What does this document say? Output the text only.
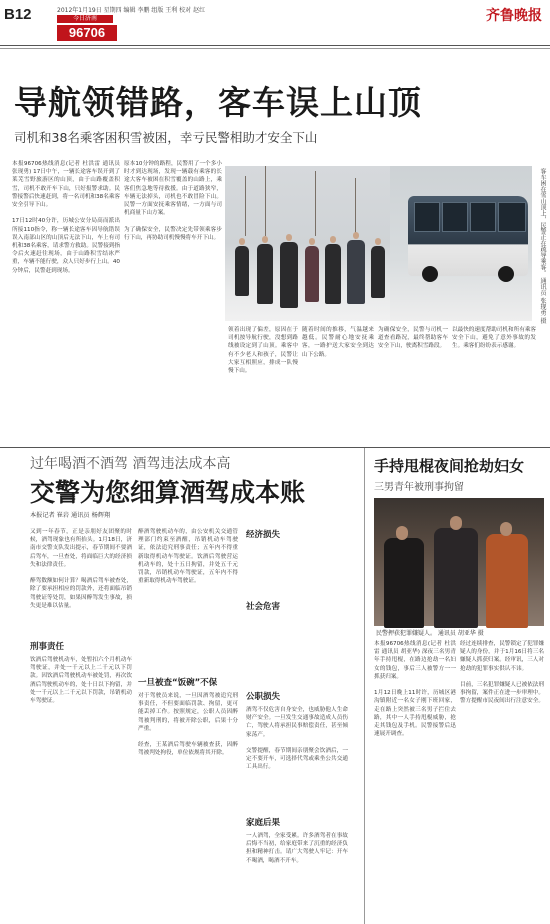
B12	2012年1月19日 星期四 编辑 李鹏 组版 王利 校对 赵红
今日济南
96706
齐鲁晚报
导航领错路，客车误上山顶
司机和38名乘客困积雪被困，幸亏民警相助才安全下山
本报96706热线消息(记者 杜洪雷 通讯员 张现勇) 17日中午，一辆长途客车误开到了莱芜雪野旅游区的山顶，由于山路覆盖积雪，司机不敢开车下山，只好报警求助。民警接警后快速赶到，将一名司机和38名乘客安全引导下山。

17日12时40分许，历城公安分局高而派出所接110指令，称一辆长途客车因导航错误误入南部山区的山顶后无法下山，车上有司机和38名乘客，请求警方救助。民警接到指令后火速赶往现场，由于山路积雪结冰严重，车辆不能行驶，众人只好步行上山。40分钟后，民警赶到现场。
原本10分钟的路程，民警用了一个多小时才到达现场，发现一辆载有乘客的长途大客车被困在积雪覆盖的山路上，乘客们焦急地等待救援。由于道路狭窄，车辆无法掉头，司机也不敢冒险下山。民警一方面安抚乘客情绪，一方面与司机商量下山方案。

为了确保安全，民警决定先带领乘客步行下山，再协助司机慢慢将车开下山。	客车困在雪山顶上，民警正在疏导乘客。 通讯员 张现勇 摄
领着出现了偏差，原因在于司机按导航行驶，没想到路线被设定到了山顶。乘客中有不少老人和孩子，民警让大家互相照应，排成一队慢慢下山。
随着时间的推移，气温越来越低。民警耐心地安抚乘客，一路护送大家安全到达山下公路。
为确保安全，民警与司机一道查看路况，最终帮助客车安全下山，驶离积雪路段。
以最快的速度帮助司机和所有乘客安全下山，避免了意外事故的发生。乘客们纷纷表示感谢。
过年喝酒不酒驾 酒驾违法成本高
交警为您细算酒驾成本账
本报记者 崔岩 通讯员 杨辉翔
又到一年春节，正是亲朋好友团聚的时候，酒驾现象也有所抬头。1月18日，济南市交警支队发出提示，春节期间不要酒后驾车，一旦查处，将面临巨大的经济损失和法律责任。

醉驾数额如何计算？喝酒后驾车被查处，除了要承担相应的罚款外，还将面临吊销驾驶证等处罚，如果因醉驾发生事故，损失更是难以估量。
刑事责任
饮酒后驾驶机动车，处暂扣六个月机动车驾驶证，并处一千元以上二千元以下罚款。因饮酒后驾驶机动车被处罚，再次饮酒后驾驶机动车的，处十日以下拘留，并处一千元以上二千元以下罚款，吊销机动车驾驶证。
醉酒驾驶机动车的，由公安机关交通管理部门约束至酒醒，吊销机动车驾驶证，依法追究刑事责任；五年内不得重新取得机动车驾驶证。饮酒后驾驶营运机动车的，处十五日拘留，并处五千元罚款，吊销机动车驾驶证，五年内不得重新取得机动车驾驶证。
一旦被查“饭碗”不保
对于驾驶员来说，一旦因酒驾被追究刑事责任，不但要面临罚款、拘留，更可能丢掉工作。按照规定，公职人员因醉驾被判刑的，将被开除公职，后果十分严重。

经查，王某酒后驾驶车辆被查获，因醉驾被判处拘役，单位依规将其开除。
经济损失
公职损失
酒驾不仅危害自身安全，也威胁他人生命财产安全。一旦发生交通事故造成人员伤亡，驾驶人将承担民事赔偿责任，甚至倾家荡产。

交警提醒，春节期间亲朋聚会饮酒后，一定不要开车，可选择代驾或乘坐公共交通工具出行。
社会危害
家庭后果
一人酒驾，全家受累。许多酒驾者在事故后悔不当初，给家庭带来了沉重的经济负担和精神打击。请广大驾驶人牢记：开车不喝酒，喝酒不开车。
手持甩棍夜间抢劫妇女
三男青年被刑事拘留
民警押获犯罪嫌疑人。 通讯员 胡亚华 摄
本报96706热线消息(记者 杜洪雷 通讯员 胡亚华) 深夜三名男青年手持甩棍，在路边抢劫一名妇女的钱包，事后三人被警方一一抓获归案。

1月12日晚上11时许，历城区港沟镇附近一名女子刚下班回家，走在路上突然被三名男子拦住去路，其中一人手持甩棍威胁，抢走其钱包及手机。民警接警后迅速展开调查。
经过连续排查，民警锁定了犯罪嫌疑人的身份，并于1月16日将三名嫌疑人抓获归案。经审讯，三人对抢劫的犯罪事实供认不讳。

目前，三名犯罪嫌疑人已被依法刑事拘留，案件正在进一步审理中。警方提醒市民夜间出行注意安全。
